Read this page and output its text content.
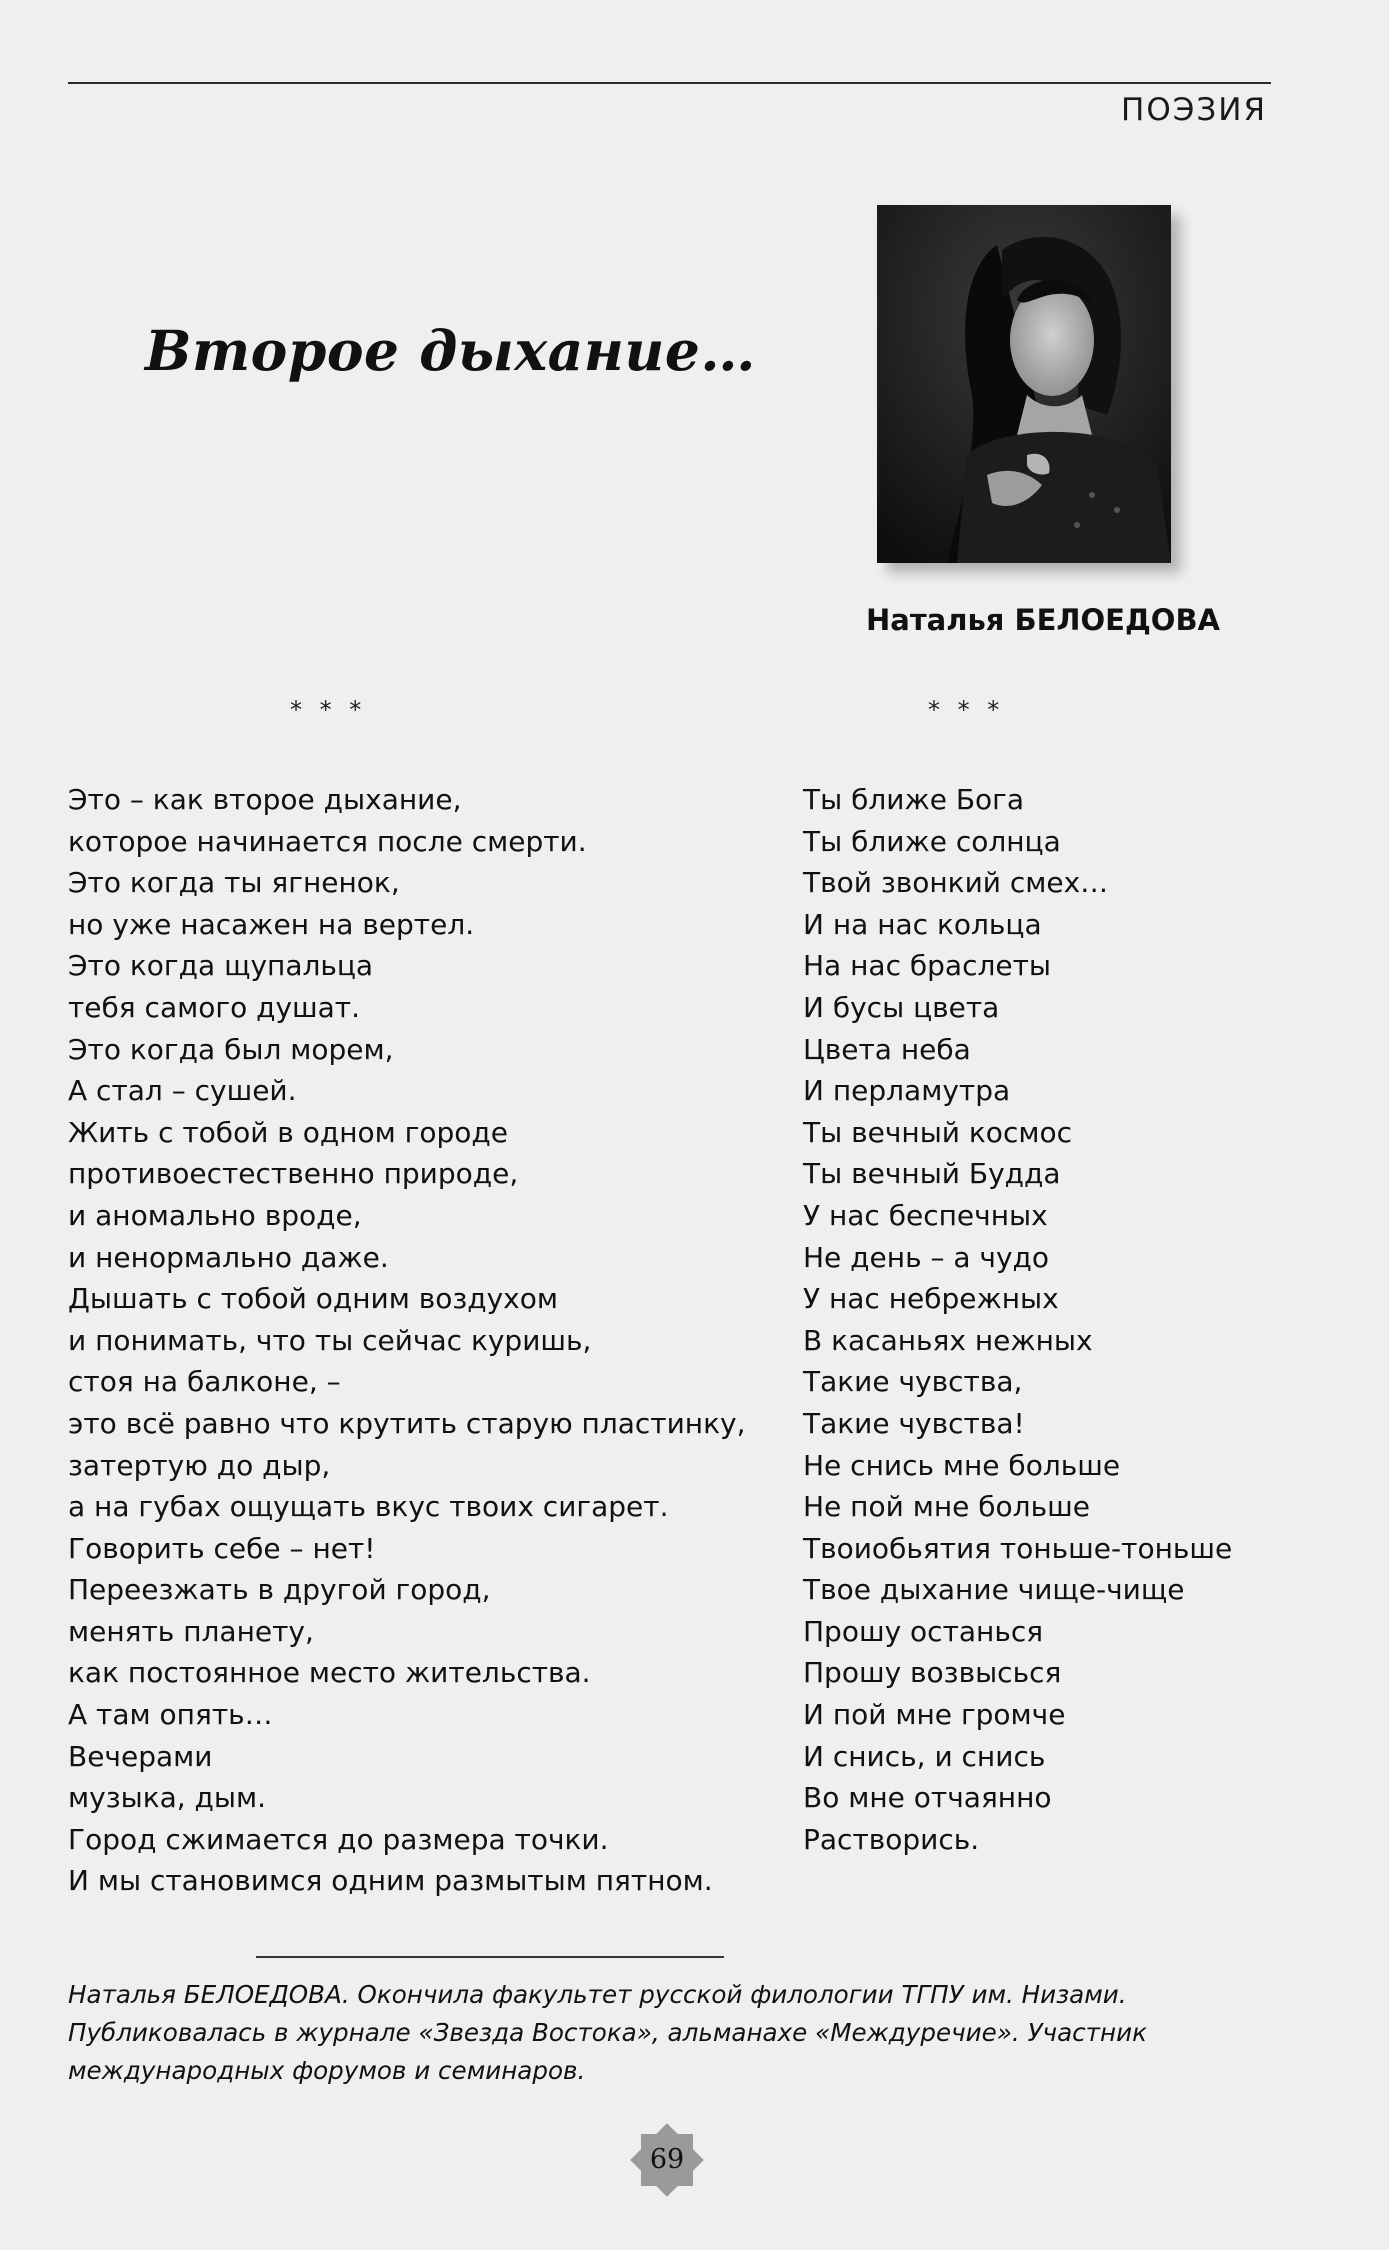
ПОЭЗИЯ
Второе дыхание…
Наталья БЕЛОЕДОВА
* * *	* * *
Это – как второе дыхание,
которое начинается после смерти.
Это когда ты ягненок,
но уже насажен на вертел.
Это когда щупальца
тебя самого душат.
Это когда был морем,
А стал – сушей.
Жить с тобой в одном городе
противоестественно природе,
и аномально вроде,
и ненормально даже.
Дышать с тобой одним воздухом
и понимать, что ты сейчас куришь,
стоя на балконе, –
это всё равно что крутить старую пластинку,
затертую до дыр,
а на губах ощущать вкус твоих сигарет.
Говорить себе – нет!
Переезжать в другой город,
менять планету,
как постоянное место жительства.
А там опять…
Вечерами
музыка, дым.
Город сжимается до размера точки.
И мы становимся одним размытым пятном.
Ты ближе Бога
Ты ближе солнца
Твой звонкий смех…
И на нас кольца
На нас браслеты
И бусы цвета
Цвета неба
И перламутра
Ты вечный космос
Ты вечный Будда
У нас беспечных
Не день – а чудо
У нас небрежных
В касаньях нежных
Такие чувства,
Такие чувства!
Не снись мне больше
Не пой мне больше
Твоиобьятия тоньше-тоньше
Твое дыхание чище-чище
Прошу останься
Прошу возвысься
И пой мне громче
И снись, и снись
Во мне отчаянно
Растворись.
Наталья БЕЛОЕДОВА. Окончила факультет русской филологии ТГПУ им. Низами.
Публиковалась в журнале «Звезда Востока», альманахе «Междуречие». Участник
международных форумов и семинаров.
69
